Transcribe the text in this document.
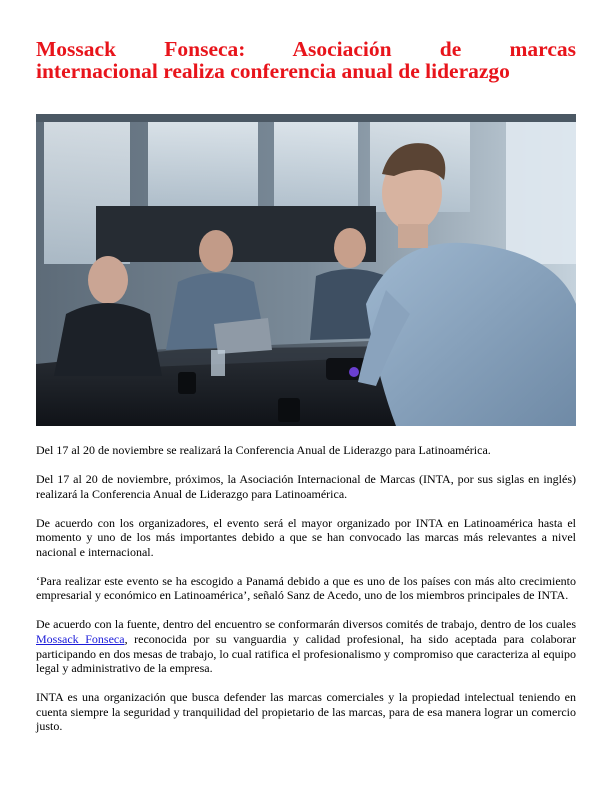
Mossack Fonseca: Asociación de marcas
internacional realiza conferencia anual de liderazgo

Del 17 al 20 de noviembre se realizará la Conferencia Anual de Liderazgo para Latinoamérica.

Del 17 al 20 de noviembre, próximos, la Asociación Internacional de Marcas (INTA, por sus siglas en inglés) realizará la Conferencia Anual de Liderazgo para Latinoamérica.

De acuerdo con los organizadores, el evento será el mayor organizado por INTA en Latinoamérica hasta el momento y uno de los más importantes debido a que se han convocado las marcas más relevantes a nivel nacional e internacional.

‘Para realizar este evento se ha escogido a Panamá debido a que es uno de los países con más alto crecimiento empresarial y económico en Latinoamérica’, señaló Sanz de Acedo, uno de los miembros principales de INTA.

De acuerdo con la fuente, dentro del encuentro se conformarán diversos comités de trabajo, dentro de los cuales Mossack Fonseca, reconocida por su vanguardia y calidad profesional, ha sido aceptada para colaborar participando en dos mesas de trabajo, lo cual ratifica el profesionalismo y compromiso que caracteriza al equipo legal y administrativo de la empresa.

INTA es una organización que busca defender las marcas comerciales y la propiedad intelectual teniendo en cuenta siempre la seguridad y tranquilidad del propietario de las marcas, para de esa manera lograr un comercio justo.
